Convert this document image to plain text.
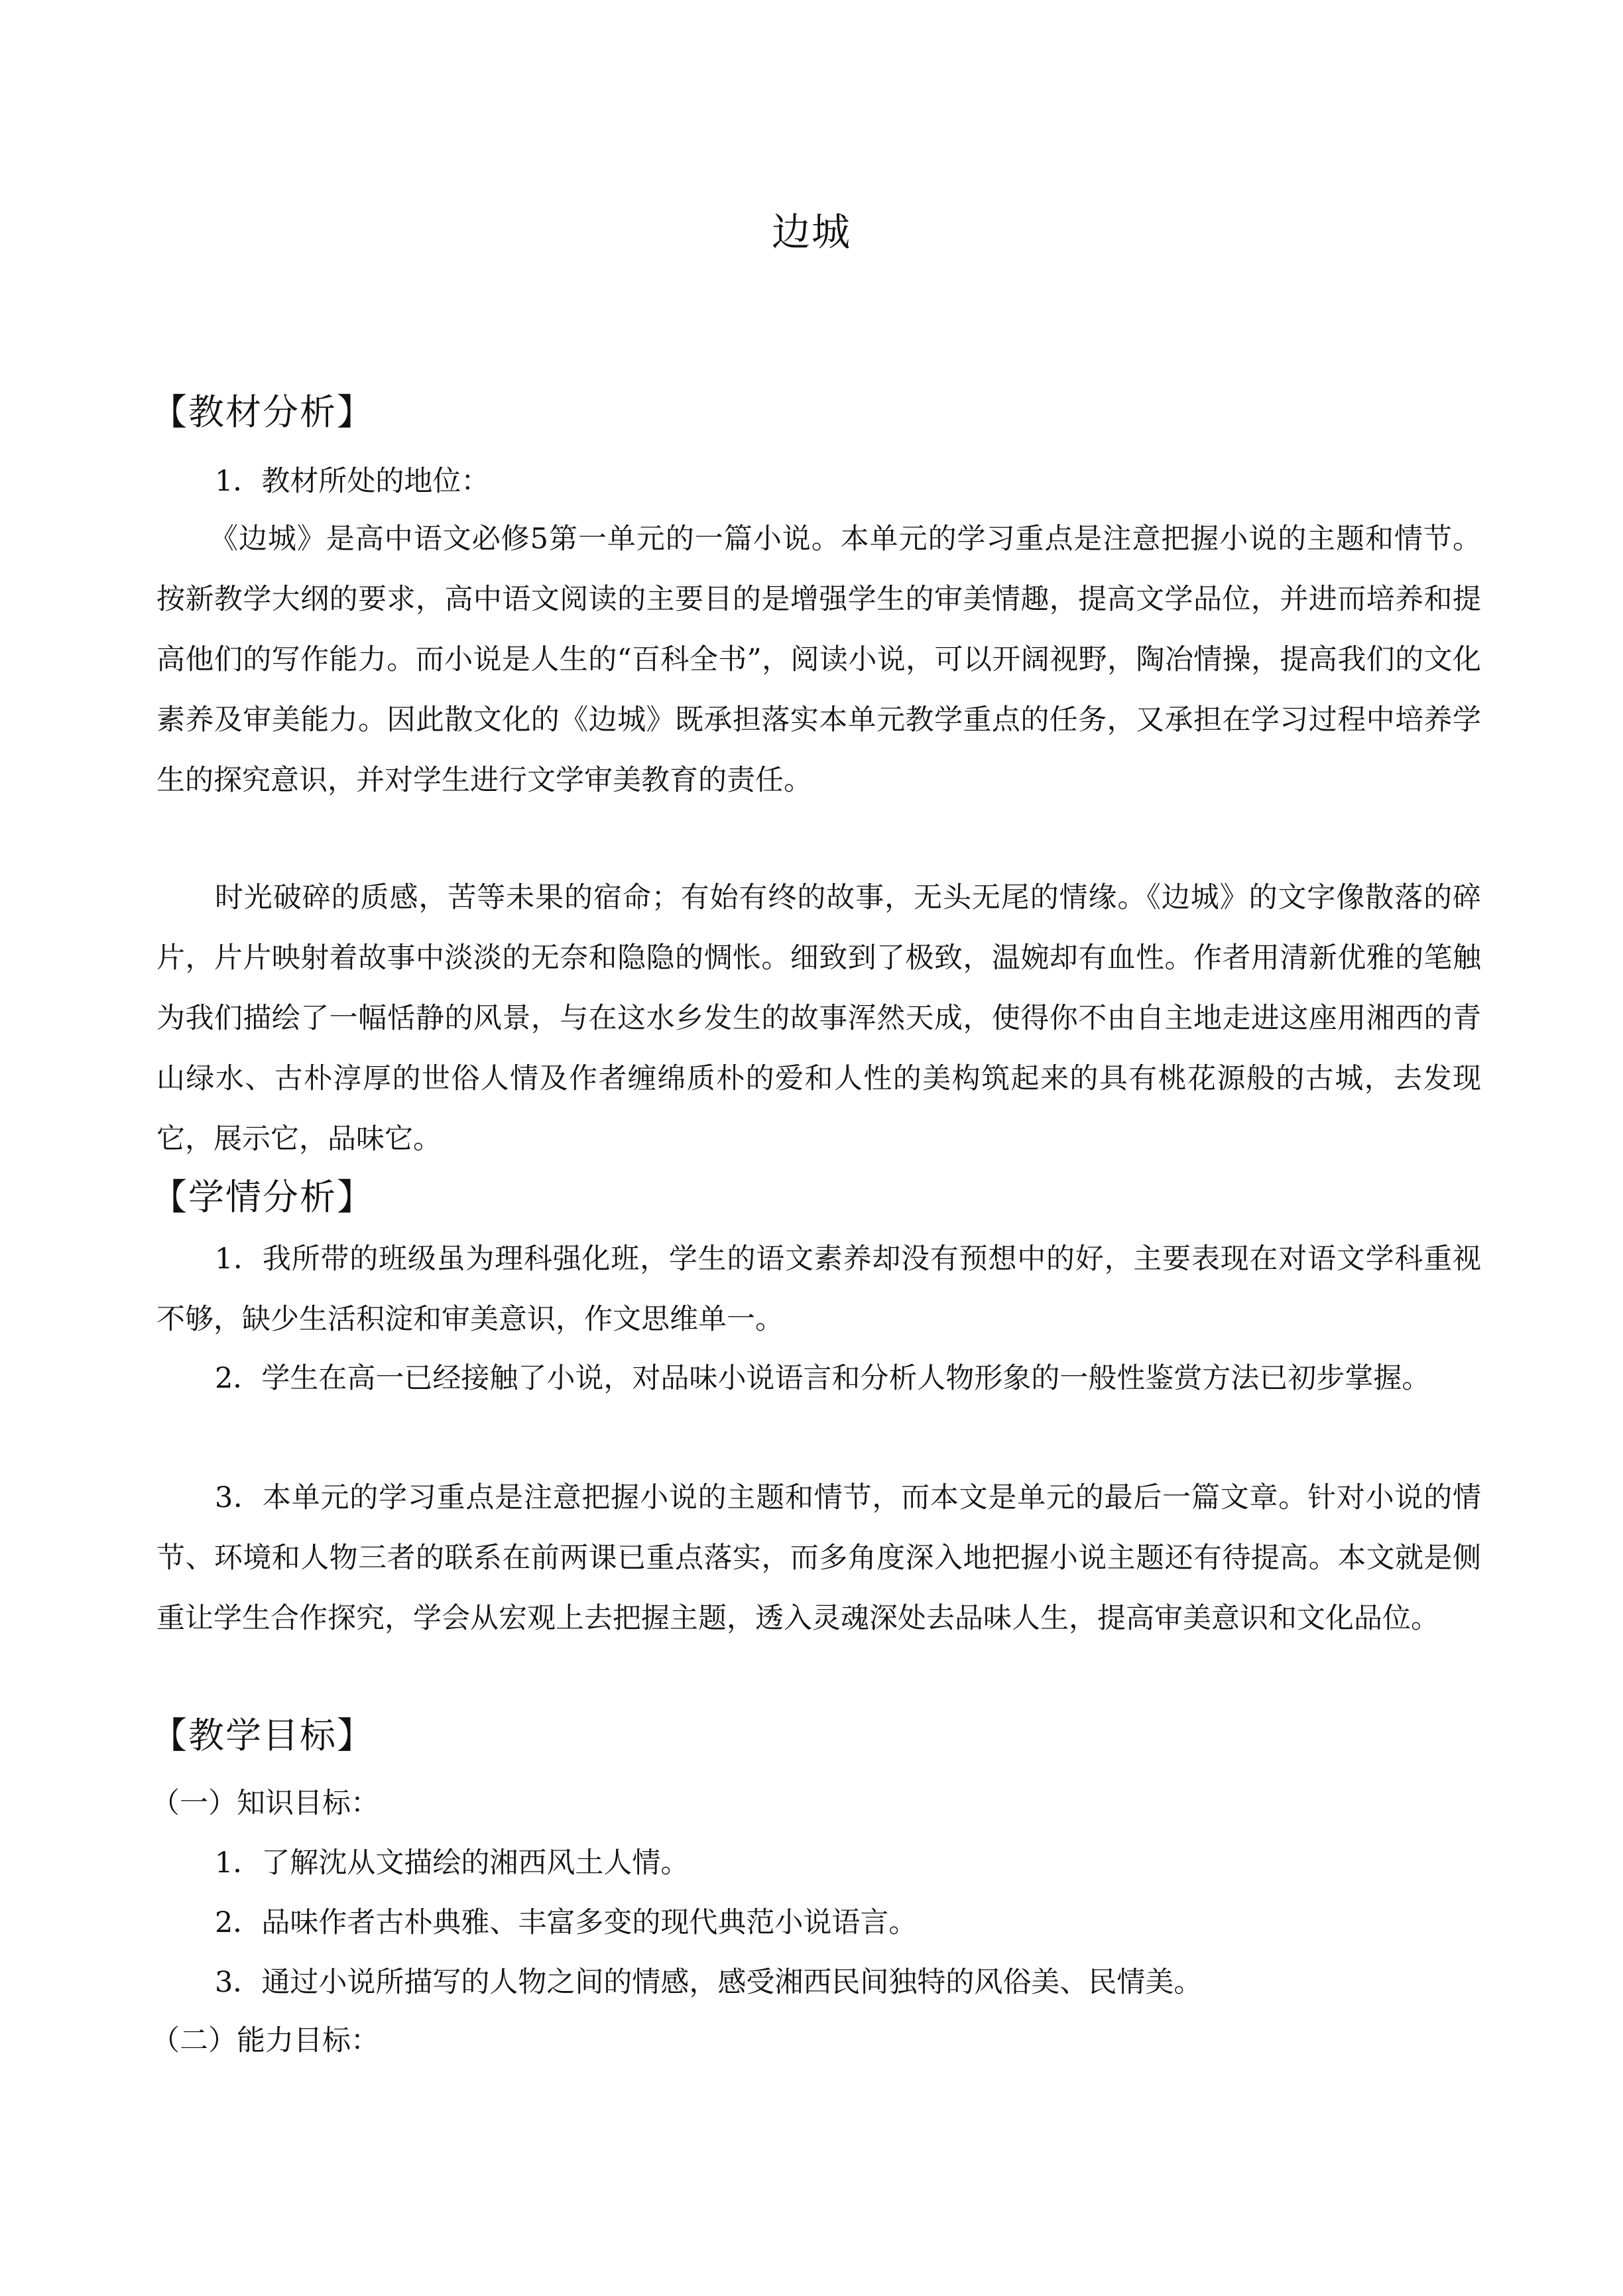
边城
【教材分析】
1．教材所处的地位：

《边城》是高中语文必修5第一单元的一篇小说。本单元的学习重点是注意把握小说的主题和情节。按新教学大纲的要求，高中语文阅读的主要目的是增强学生的审美情趣，提高文学品位，并进而培养和提高他们的写作能力。而小说是人生的“百科全书”，阅读小说，可以开阔视野，陶冶情操，提高我们的文化素养及审美能力。因此散文化的《边城》既承担落实本单元教学重点的任务，又承担在学习过程中培养学生的探究意识，并对学生进行文学审美教育的责任。

时光破碎的质感，苦等未果的宿命；有始有终的故事，无头无尾的情缘。《边城》的文字像散落的碎片，片片映射着故事中淡淡的无奈和隐隐的惆怅。细致到了极致，温婉却有血性。作者用清新优雅的笔触为我们描绘了一幅恬静的风景，与在这水乡发生的故事浑然天成，使得你不由自主地走进这座用湘西的青山绿水、古朴淳厚的世俗人情及作者缠绵质朴的爱和人性的美构筑起来的具有桃花源般的古城，去发现它，展示它，品味它。

【学情分析】

1．我所带的班级虽为理科强化班，学生的语文素养却没有预想中的好，主要表现在对语文学科重视不够，缺少生活积淀和审美意识，作文思维单一。

2．学生在高一已经接触了小说，对品味小说语言和分析人物形象的一般性鉴赏方法已初步掌握。

3．本单元的学习重点是注意把握小说的主题和情节，而本文是单元的最后一篇文章。针对小说的情节、环境和人物三者的联系在前两课已重点落实，而多角度深入地把握小说主题还有待提高。本文就是侧重让学生合作探究，学会从宏观上去把握主题，透入灵魂深处去品味人生，提高审美意识和文化品位。

【教学目标】
（一）知识目标：
1．了解沈从文描绘的湘西风土人情。
2．品味作者古朴典雅、丰富多变的现代典范小说语言。
3．通过小说所描写的人物之间的情感，感受湘西民间独特的风俗美、民情美。
（二）能力目标：
